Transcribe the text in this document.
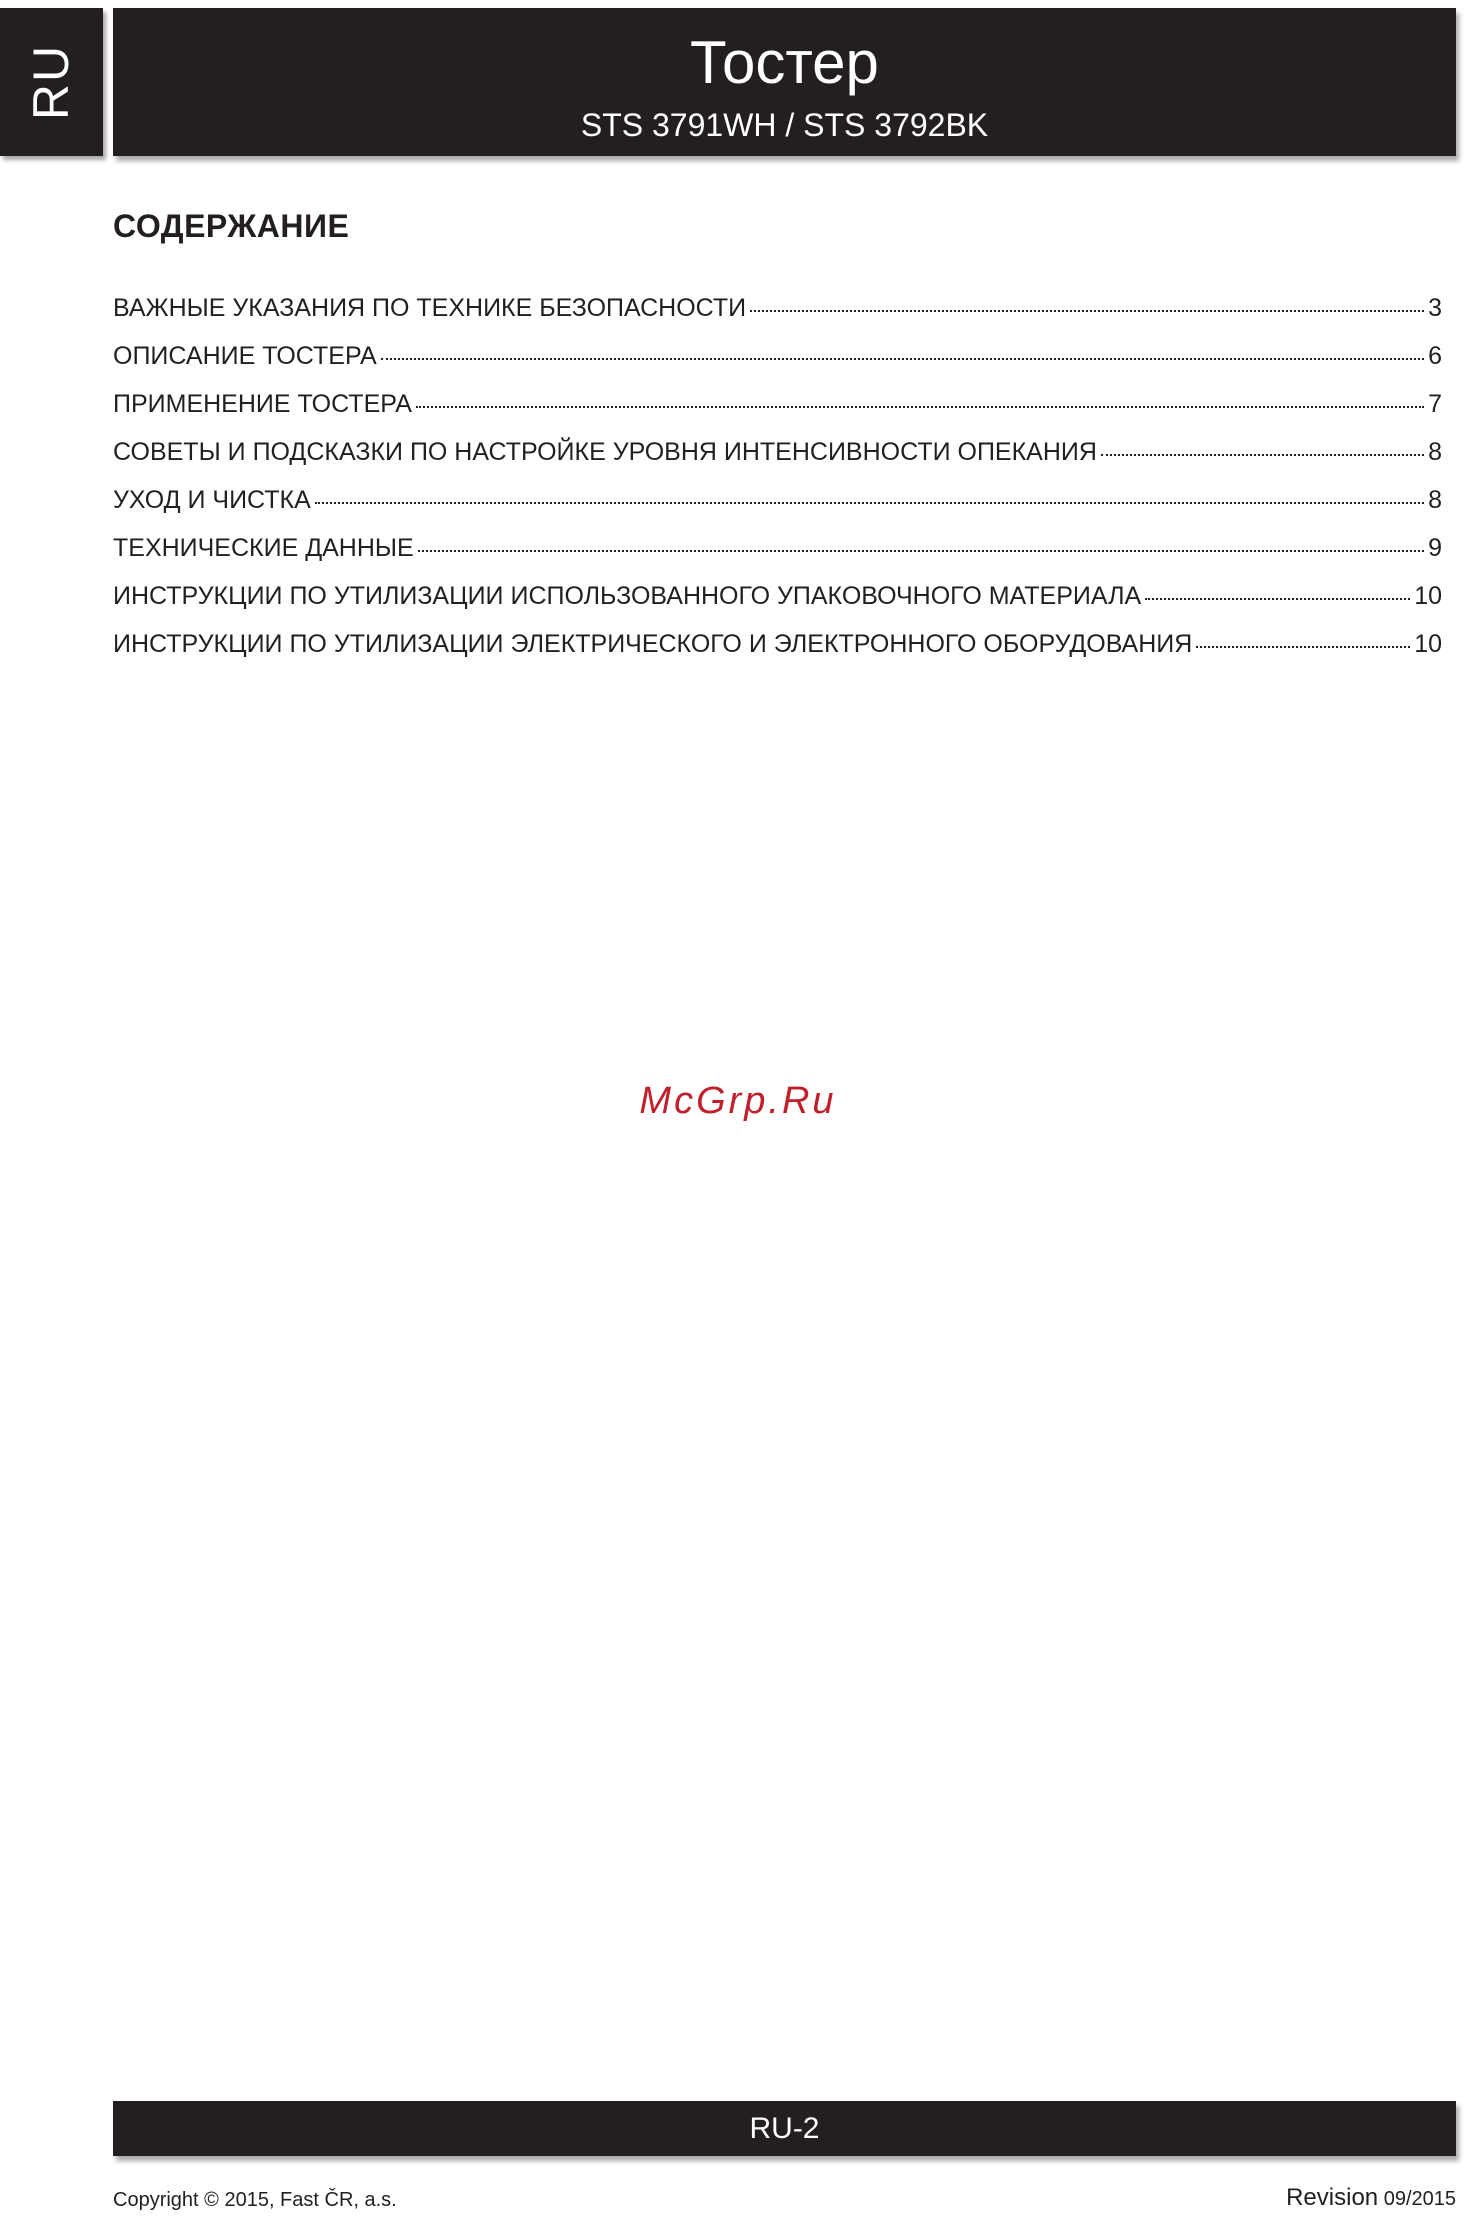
RU	Тостер
STS 3791WH / STS 3792BK
СОДЕРЖАНИЕ
ВАЖНЫЕ УКАЗАНИЯ ПО ТЕХНИКЕ БЕЗОПАСНОСТИ	3
ОПИСАНИЕ ТОСТЕРА	6
ПРИМЕНЕНИЕ ТОСТЕРА	7
СОВЕТЫ И ПОДСКАЗКИ ПО НАСТРОЙКЕ УРОВНЯ ИНТЕНСИВНОСТИ ОПЕКАНИЯ	8
УХОД И ЧИСТКА	8
ТЕХНИЧЕСКИЕ ДАННЫЕ	9
ИНСТРУКЦИИ ПО УТИЛИЗАЦИИ ИСПОЛЬЗОВАННОГО УПАКОВОЧНОГО МАТЕРИАЛА	10
ИНСТРУКЦИИ ПО УТИЛИЗАЦИИ ЭЛЕКТРИЧЕСКОГО И ЭЛЕКТРОННОГО ОБОРУДОВАНИЯ	10
McGrp.Ru
RU-2
Copyright © 2015, Fast ČR, a.s.	Revision 09/2015
